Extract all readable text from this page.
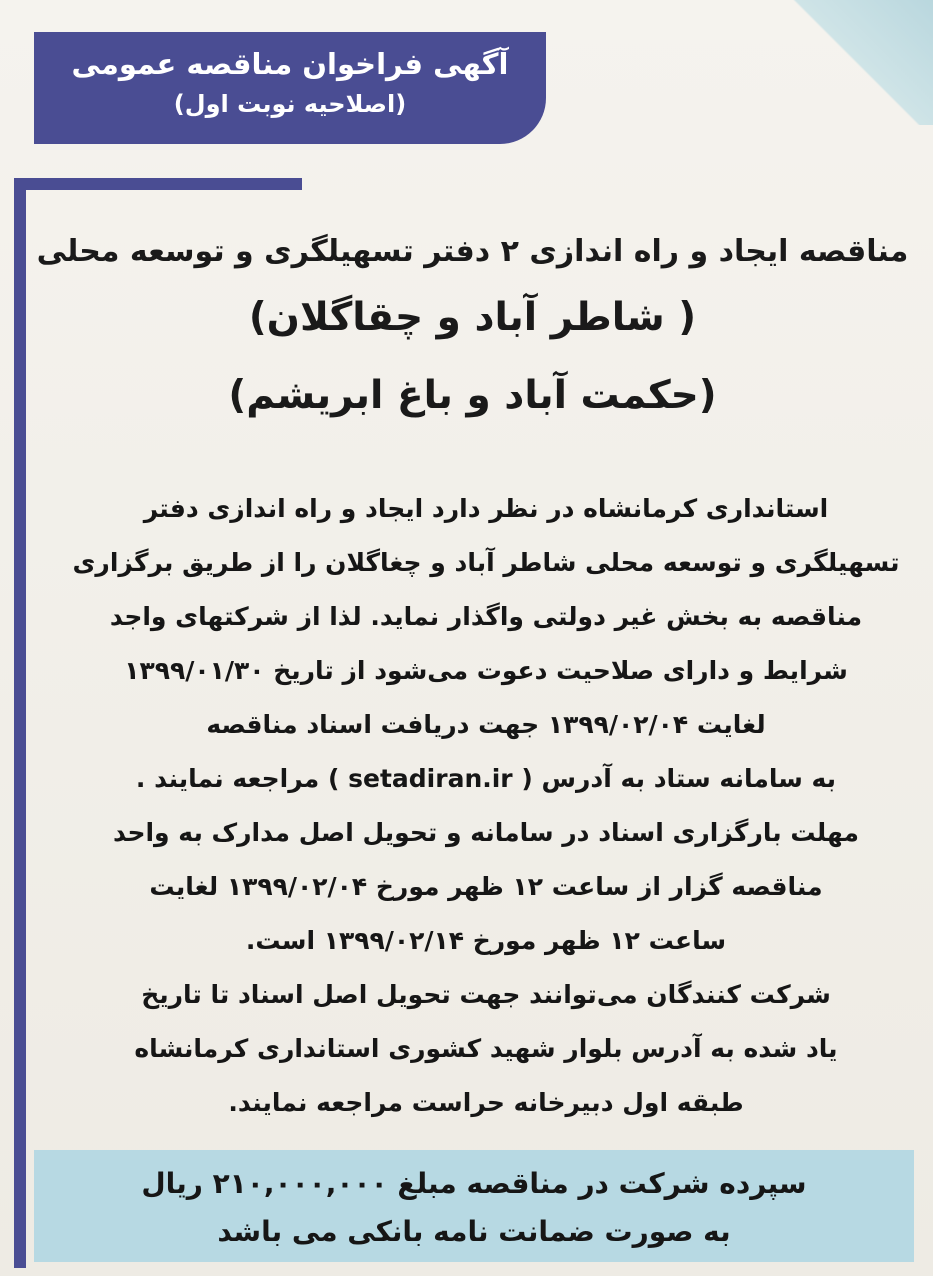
آگهی فراخوان مناقصه عمومی
(اصلاحیه نوبت اول)

مناقصه ایجاد و راه اندازی ۲ دفتر تسهیلگری و توسعه محلی

( شاطر آباد و چقاگلان)

(حکمت آباد و باغ ابریشم)

استانداری کرمانشاه در نظر دارد ایجاد و راه اندازی دفتر

تسهیلگری و توسعه محلی شاطر آباد و چغاگلان را از طریق برگزاری

مناقصه به بخش غیر دولتی واگذار نماید. لذا از شرکتهای واجد

شرایط و دارای صلاحیت دعوت می‌شود از تاریخ ۱۳۹۹/۰۱/۳۰

لغایت ۱۳۹۹/۰۲/۰۴ جهت دریافت اسناد مناقصه

به سامانه ستاد به آدرس ( setadiran.ir ) مراجعه نمایند .

مهلت بارگزاری اسناد در سامانه و تحویل اصل مدارک به واحد

مناقصه گزار از ساعت ۱۲ ظهر مورخ ۱۳۹۹/۰۲/۰۴ لغایت

ساعت ۱۲ ظهر مورخ ۱۳۹۹/۰۲/۱۴ است.

شرکت کنندگان می‌توانند جهت تحویل اصل اسناد تا تاریخ

یاد شده به آدرس بلوار شهید کشوری استانداری کرمانشاه

طبقه اول دبیرخانه حراست مراجعه نمایند.

سپرده شرکت در مناقصه مبلغ ۲۱۰,۰۰۰,۰۰۰ ریال

به صورت ضمانت نامه بانکی می باشد
